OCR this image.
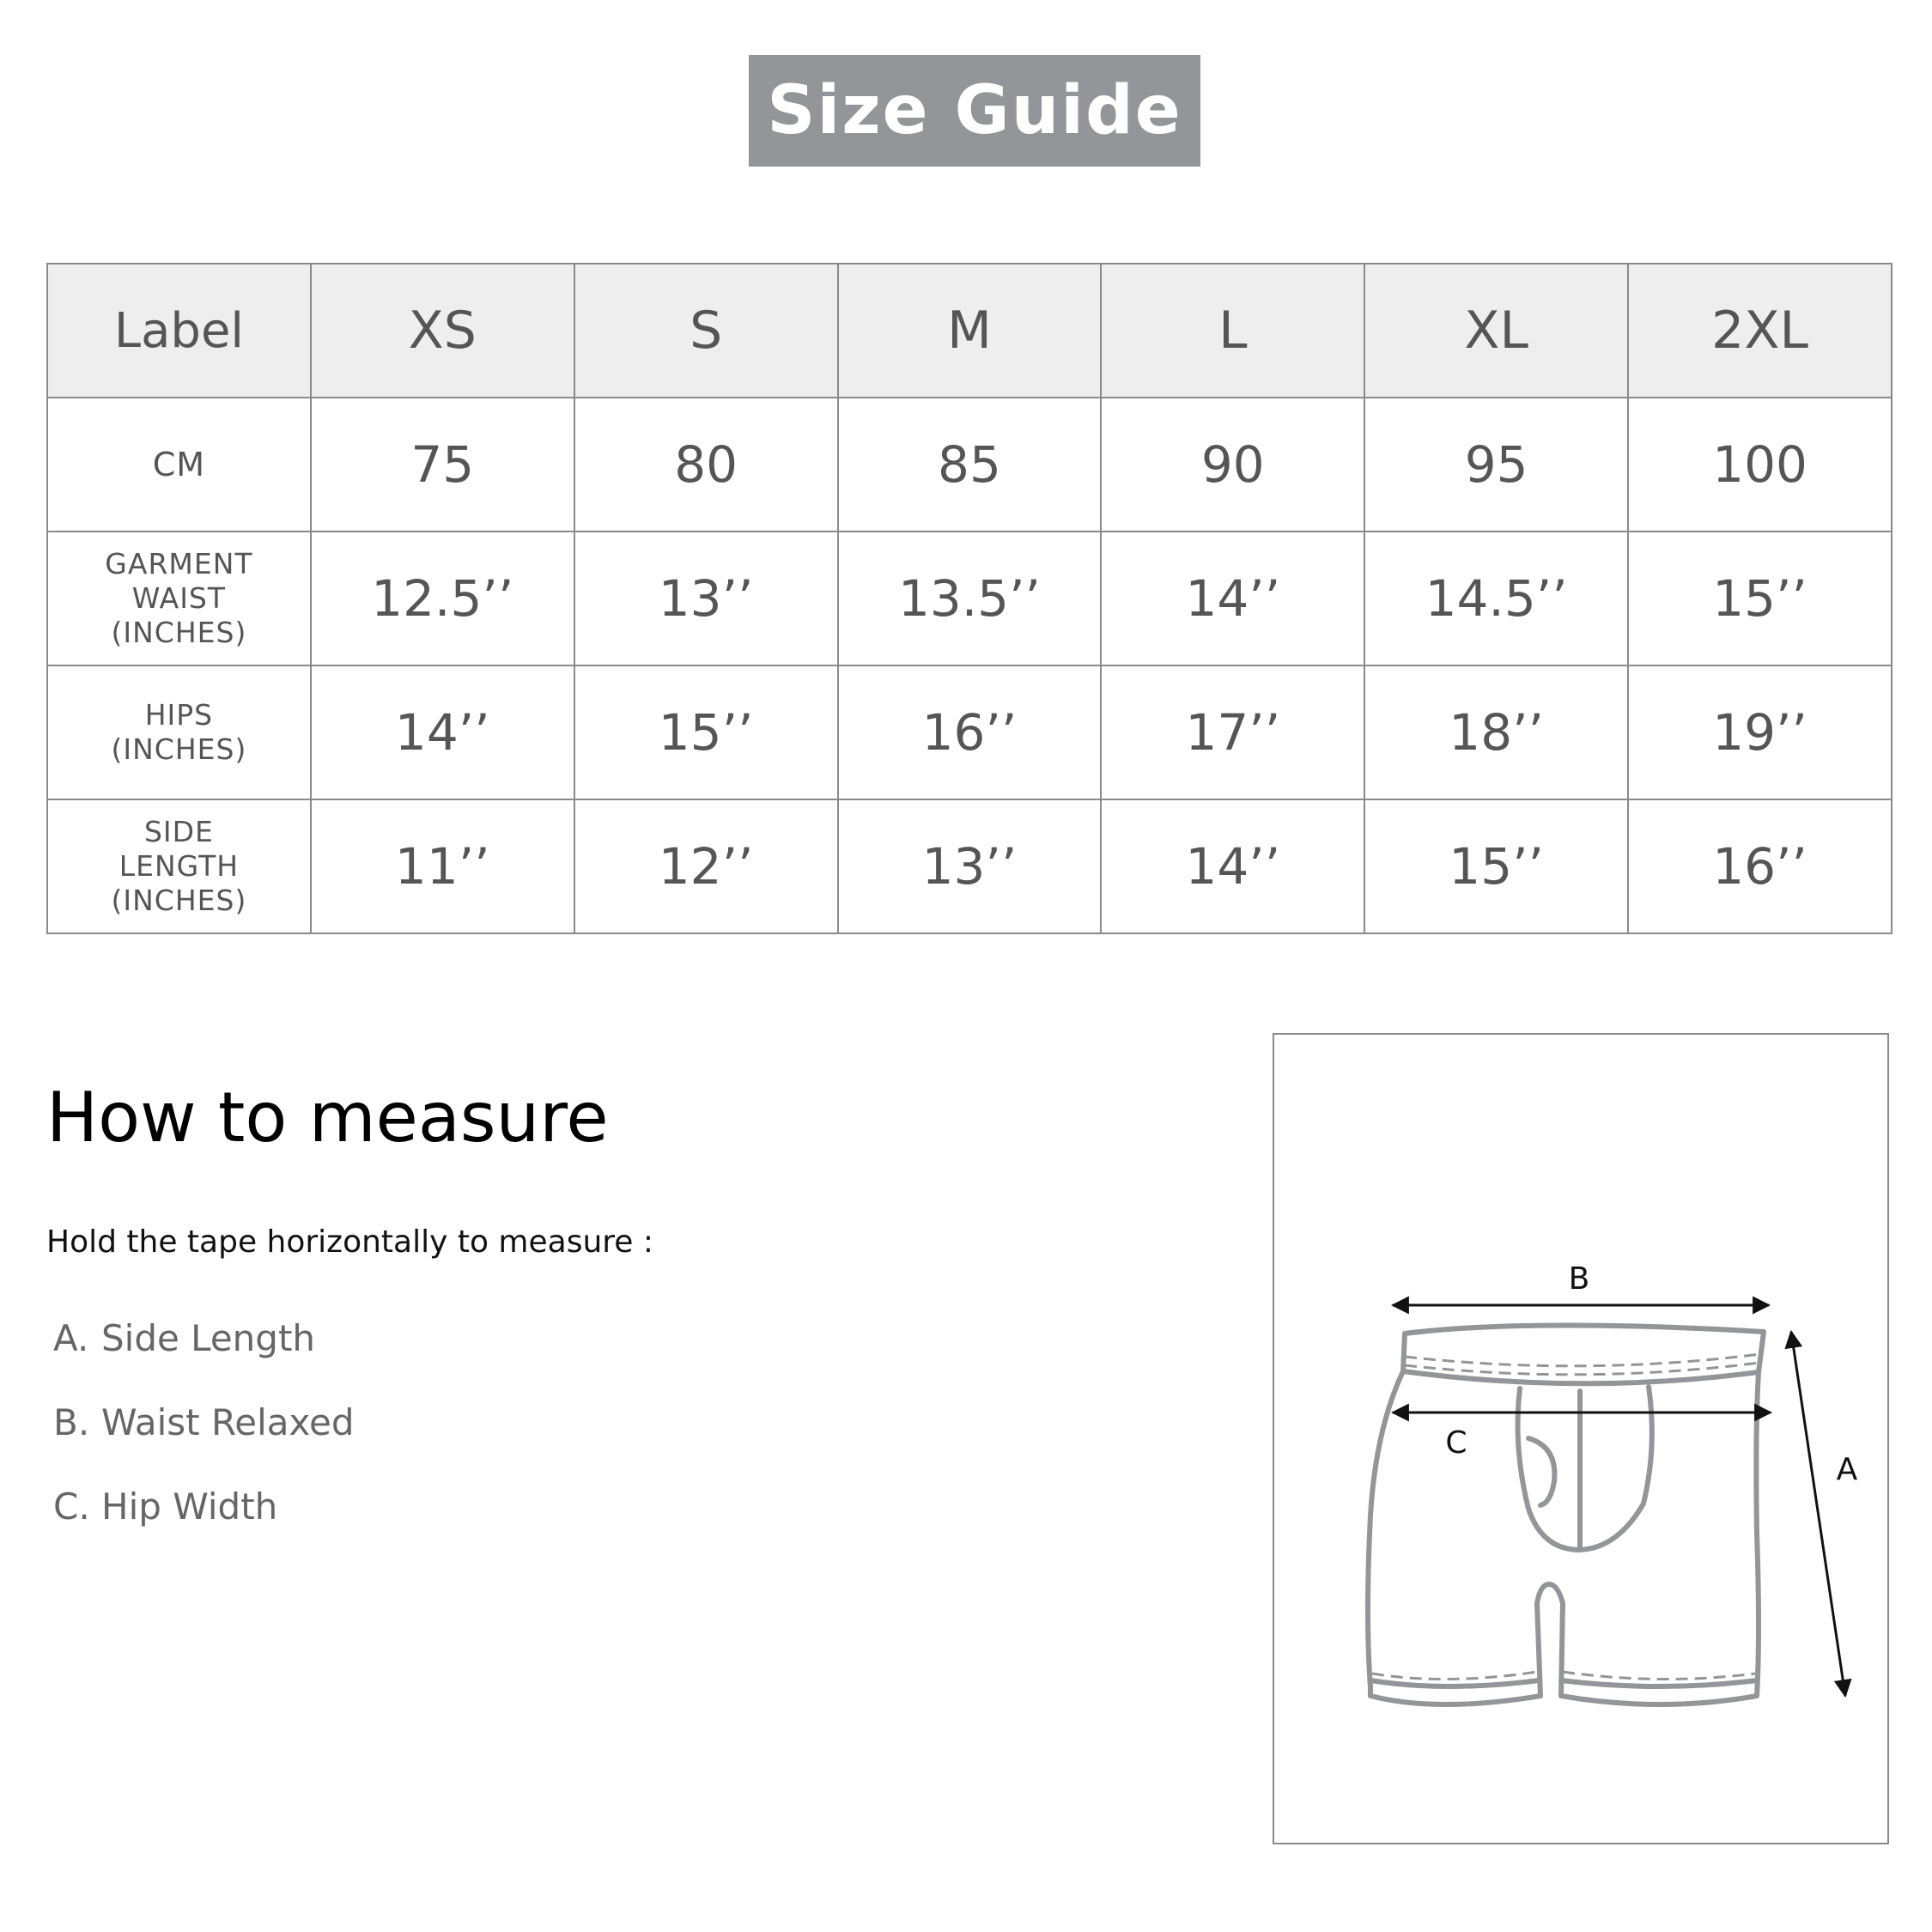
Size Guide
Label	XS	S	M	L	XL	2XL
CM	75	80	85	90	95	100

GARMENT
WAIST
(INCHES)	12.5’’	13’’	13.5’’	14’’	14.5’’	15’’

HIPS
(INCHES)	14’’	15’’	16’’	17’’	18’’	19’’

SIDE
LENGTH
(INCHES)	11’’	12’’	13’’	14’’	15’’	16’’
How to measure
Hold the tape horizontally to measure :
A. Side Length
B. Waist Relaxed
C. Hip Width
B
C
A
